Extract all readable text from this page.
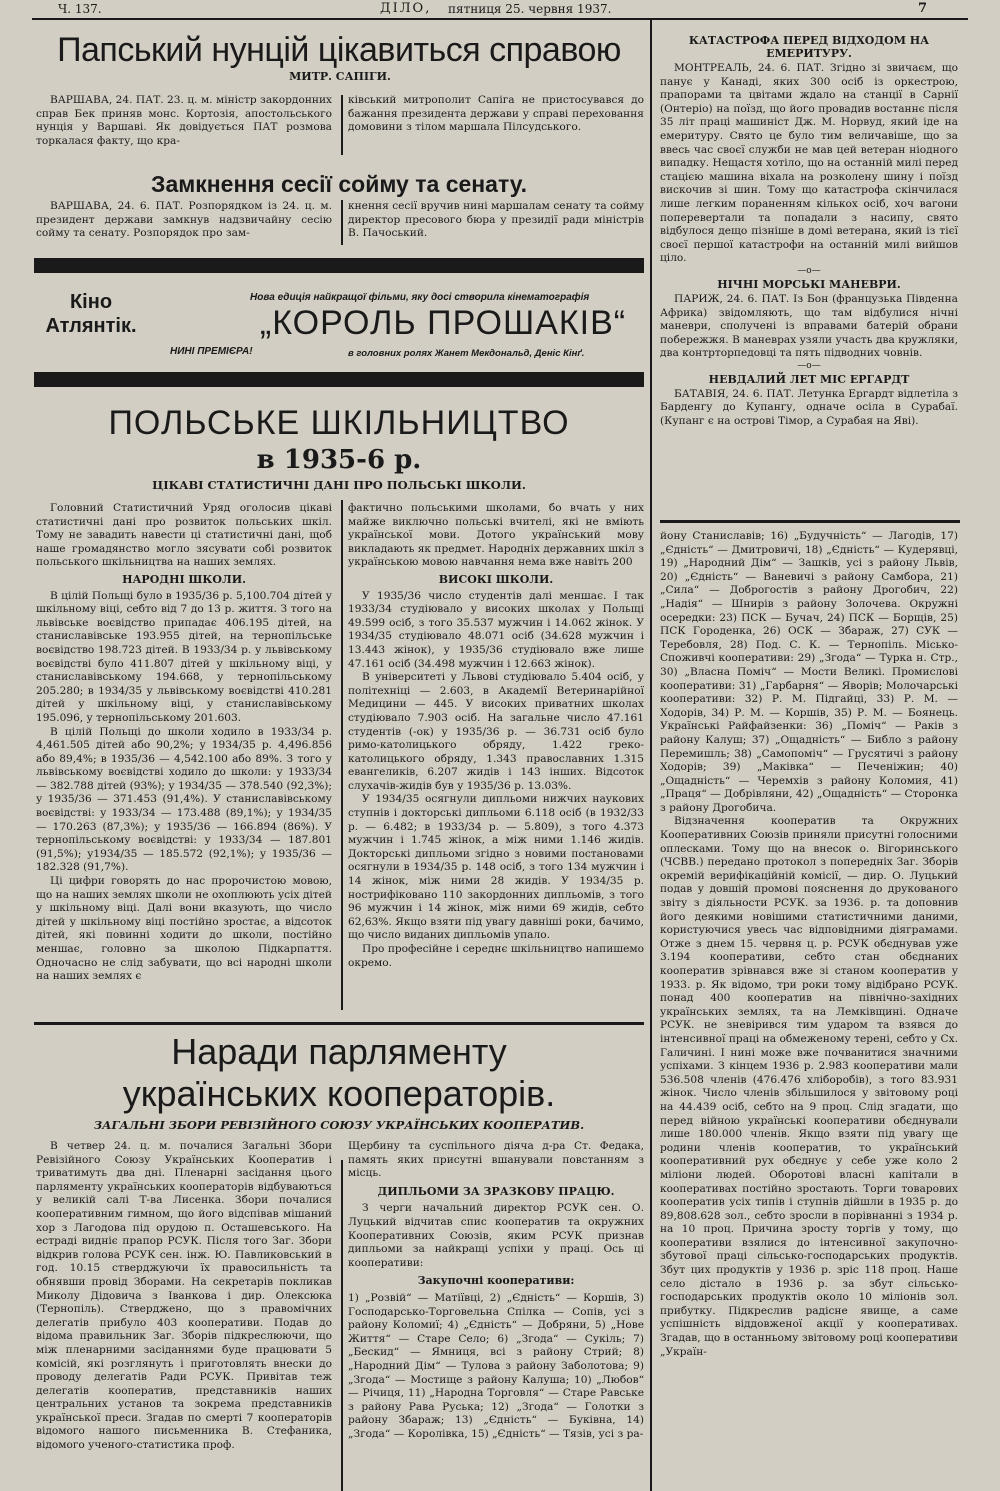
Ч. 137.	ДІЛО, пятниця 25. червня 1937.	7
Папський нунцій цікавиться справою
МИТР. САПІГИ.

ВАРШАВА, 24. ПАТ. 23. ц. м. міністр закордонних справ Бек приняв монс. Кортозія, апостольського нунція у Варшаві. Як довідується ПАТ розмова торкалася факту, що кра-

ківський митрополит Сапіга не пристосувався до бажання президента держави у справі переховання домовини з тілом маршала Пілсудського.

Замкнення сесії сойму та сенату.

ВАРШАВА, 24. 6. ПАТ. Розпорядком із 24. ц. м. президент держави замкнув надзвичайну сесію сойму та сенату. Розпорядок про зам-

кнення сесії вручив нині маршалам сенату та сойму директор пресового бюра у президії ради міністрів В. Пачоський.

Кіно
Атлянтік.
Нова едиція найкращої фільми, яку досі створила кінематографія
„КОРОЛЬ ПРОШАКІВ“
НИНІ ПРЕМІЄРА!	в головних ролях Жанет Мекдональд, Деніс Кінґ.
ПОЛЬСЬКЕ ШКІЛЬНИЦТВО
в 1935-6 р.
ЦІКАВІ СТАТИСТИЧНІ ДАНІ ПРО ПОЛЬСЬКІ ШКОЛИ.

Головний Статистичний Уряд оголосив цікаві статистичні дані про розвиток польських шкіл. Тому не завадить навести ці статистичні дані, щоб наше громадянство могло зясувати собі розвиток польського шкільництва на наших землях.

НАРОДНІ ШКОЛИ.

В цілій Польщі було в 1935/36 р. 5,100.704 дітей у шкільному віці, себто від 7 до 13 р. життя. З того на львівське воєвідство припадає 406.195 дітей, на станиславівське 193.955 дітей, на тернопільське воєвідство 198.723 дітей. В 1933/34 р. у львівському воєвідстві було 411.807 дітей у шкільному віці, у станиславівському 194.668, у тернопільському 205.280; в 1934/35 у львівському воєвідстві 410.281 дітей у шкільному віці, у станиславівському 195.096, у тернопільському 201.603.

В цілій Польщі до школи ходило в 1933/34 р. 4,461.505 дітей або 90,2%; у 1934/35 р. 4,496.856 або 89,4%; в 1935/36 — 4,542.100 або 89%. З того у львівському воєвідстві ходило до школи: у 1933/34 — 382.788 дітей (93%); у 1934/35 — 378.540 (92,3%); у 1935/36 — 371.453 (91,4%). У станиславівському воєвідстві: у 1933/34 — 173.488 (89,1%); у 1934/35 — 170.263 (87,3%); у 1935/36 — 166.894 (86%). У тернопільському воєвідстві: у 1933/34 — 187.801 (91,5%); у1934/35 — 185.572 (92,1%); у 1935/36 — 182.328 (91,7%).

Ці цифри говорять до нас пророчистою мовою, що на наших землях школи не охоплюють усіх дітей у шкільному віці. Далі вони вказують, що число дітей у шкільному віці постійно зростає, а відсоток дітей, які повинні ходити до школи, постійно меншає, головно за школою Підкарпаття. Одночасно не слід забувати, що всі народні школи на наших землях є

фактично польськими школами, бо вчать у них майже виключно польські вчителі, які не вміють української мови. Дотого український мову викладають як предмет. Народніх державних шкіл з українською мовою навчання нема вже навіть 200

ВИСОКІ ШКОЛИ.

У 1935/36 число студентів далі меншає. І так 1933/34 студіювало у високих школах у Польщі 49.599 осіб, з того 35.537 мужчин і 14.062 жінок. У 1934/35 студіювало 48.071 осіб (34.628 мужчин і 13.443 жінок), у 1935/36 студіювало вже лише 47.161 осіб (34.498 мужчин і 12.663 жінок).

В університеті у Львові студіювало 5.404 осіб, у політехніці — 2.603, в Академії Ветеринарійної Медицини — 445. У високих приватних школах студіювало 7.903 осіб. На загальне число 47.161 студентів (-ок) у 1935/36 р. — 36.731 осіб було римо-католицького обряду, 1.422 греко-католицького обряду, 1.343 православних 1.315 евангеликів, 6.207 жидів і 143 інших. Відсоток слухачів-жидів був у 1935/36 р. 13.03%.

У 1934/35 осягнули дипльоми нижчих наукових ступнів і докторські дипльоми 6.118 осіб (в 1932/33 р. — 6.482; в 1933/34 р. — 5.809), з того 4.373 мужчин і 1.745 жінок, а між ними 1.146 жидів. Докторські дипльоми згідно з новими постановами осягнули в 1934/35 р. 148 осіб, з того 134 мужчин і 14 жінок, між ними 28 жидів. У 1934/35 р. нострифіковано 110 закордонних дипльомів, з того 96 мужчин і 14 жінок, між ними 69 жидів, себто 62,63%. Якщо взяти під увагу давніші роки, бачимо, що число виданих дипльомів упало.

Про професійне і середнє шкільництво напишемо окремо.

Наради парляменту
українських кооператорів.
ЗАГАЛЬНІ ЗБОРИ РЕВІЗІЙНОГО СОЮЗУ УКРАЇНСЬКИХ КООПЕРАТИВ.

В четвер 24. ц. м. почалися Загальні Збори Ревізійного Союзу Українських Кооператив і триватимуть два дні. Пленарні засідання цього парляменту українських кооператорів відбуваються у великій салі Т-ва Лисенка. Збори почалися кооперативним гимном, що його відспівав мішаний хор з Лагодова під орудою п. Осташевського. На естраді видніє прапор РСУК. Після того Заг. Збори відкрив голова РСУК сен. інж. Ю. Павликовський в год. 10.15 стверджуючи їх правосильність та обнявши провід Зборами. На секретарів покликав Миколу Дідовича з Іванкова і дир. Олексюка (Тернопіль). Стверджено, що з правомічних делегатів прибуло 403 кооперативи. Подав до відома правильник Заг. Зборів підкреслюючи, що між пленарними засіданнями буде працювати 5 комісій, які розглянуть і приготовлять внески до проводу делегатів Ради РСУК. Привітав теж делегатів кооператив, представників наших центральних установ та зокрема представників української преси. Згадав по смерті 7 кооператорів відомого нашого письменника В. Стефаника, відомого ученого-статистика проф.

Щербину та суспільного діяча д-ра Ст. Федака, память яких присутні вшанували повстанням з місць.

ДИПЛЬОМИ ЗА ЗРАЗКОВУ ПРАЦЮ.

З черги начальний директор РСУК сен. О. Луцький відчитав спис кооператив та окружних Кооперативних Союзів, яким РСУК признав дипльоми за найкращі успіхи у праці. Ось ці кооперативи:

Закупочні кооперативи:

1) „Розвій“ — Матіївці, 2) „Єдність“ — Коршів, 3) Господарсько-Торговельна Спілка — Сопів, усі з району Коломиї; 4) „Єдність“ — Добряни, 5) „Нове Життя“ — Старе Село; 6) „Згода“ — Сукіль; 7) „Бескид“ — Ямниця, всі з району Стрий; 8) „Народний Дім“ — Тулова з району Заболотова; 9) „Згода“ — Мостище з району Калуша; 10) „Любов“ — Річиця, 11) „Народна Торговля“ — Старе Равське з району Рава Руська; 12) „Згода“ — Голотки з району Збараж; 13) „Єдність“ — Буківна, 14) „Згода“ — Королівка, 15) „Єдність“ — Тязів, усі з ра-

КАТАСТРОФА ПЕРЕД ВІДХОДОМ НА ЕМЕРИТУРУ.

МОНТРЕАЛЬ, 24. 6. ПАТ. Згідно зі звичаєм, що панує у Канаді, яких 300 осіб із оркестрою, прапорами та цвітами ждало на станції в Сарнії (Онтеріо) на поїзд, що його провадив востаннє після 35 літ праці машиніст Дж. М. Норвуд, який іде на емеритуру. Свято це було тим величавіше, що за ввесь час своєї служби не мав цей ветеран ніодного випадку. Нещастя хотіло, що на останній милі перед стацією машина віхала на розколену шину і поїзд вискочив зі шин. Тому що катастрофа скінчилася лише легким пораненням кількох осіб, хоч вагони поперевертали та попадали з насипу, свято відбулося дещо пізніше в домі ветерана, який із тієї своєї першої катастрофи на останній милі вийшов цілo.

—о—
НІЧНІ МОРСЬКІ МАНЕВРИ.

ПАРИЖ, 24. 6. ПАТ. Із Бон (французька Південна Африка) звідомляють, що там відбулися нічні маневри, сполучені із вправами батерій обрани побережжя. В маневрах узяли участь два кружляки, два контрторпедовці та пять підводних човнів.

—о—
НЕВДАЛИЙ ЛЕТ МІС ЕРГАРДТ

БАТАВІЯ, 24. 6. ПАТ. Летунка Ергардт відлетіла з Барденгу до Купангу, одначе осіла в Сурабаї. (Купанг є на острові Тімор, а Сурабая на Яві).

йону Станиславів; 16) „Будучність“ — Лагодів, 17) „Єдність“ — Дмитровичі, 18) „Єдність“ — Кудерявці, 19) „Народний Дім“ — Зашків, усі з району Львів, 20) „Єдність“ — Ваневичі з району Самбора, 21) „Сила“ — Доброгостів з району Дрогобич, 22) „Надія“ — Шнирів з району Золочева. Окружні осередки: 23) ПСК — Бучач, 24) ПСК — Борщів, 25) ПСК Городенка, 26) ОСК — Збараж, 27) СУК — Теребовля, 28) Под. С. К. — Тернопіль. Місько-Споживчі кооперативи: 29) „Згода“ — Турка н. Стр., 30) „Власна Поміч“ — Мости Великі. Промислові кооперативи: 31) „Гарбарня“ — Яворів; Молочарські кооперативи: 32) Р. М. Підгайці, 33) Р. М. — Ходорів, 34) Р. М. — Коршів, 35) Р. М. — Боянець. Українські Райфайзенки: 36) „Поміч“ — Раків з району Калуш; 37) „Ощадність“ — Библо з району Перемишль; 38) „Самопоміч“ — Грусятичі з району Ходорів; 39) „Маківка“ — Печеніжин; 40) „Ощадність“ — Черемхів з району Коломия, 41) „Праця“ — Добрівляни, 42) „Ощадність“ — Сторонка з району Дрогобича.

Відзначення кооператив та Окружних Кооперативних Союзів приняли присутні голосними оплесками. Тому що на внесок о. Вігоринського (ЧСВВ.) передано протокол з попередніх Заг. Зборів окремій верифікаційній комісії, — дир. О. Луцький подав у довшій промові пояснення до друкованого звіту з діяльности РСУК. за 1936. р. та доповнив його деякими новішими статистичними даними, користуючися увесь час відповідними діяграмами. Отже з днем 15. червня ц. р. РСУК обєднував уже 3.194 кооперативи, себто стан обєднаних кооператив зрівнався вже зі станом кооператив у 1933. р. Як відомо, три роки тому відібрано РСУК. понад 400 кооператив на північно-західних українських землях, та на Лемківщині. Одначе РСУК. не зневірився тим ударом та взявся до інтенсивної праці на обмеженому терені, себто у Сх. Галичині. І нині може вже почванитися значними успіхами. З кінцем 1936 р. 2.983 кооперативи мали 536.508 членів (476.476 хліборобів), з того 83.931 жінок. Число членів збільшилося у звітовому році на 44.439 осіб, себто на 9 проц. Слід згадати, що перед війною українські кооперативи обєднували лише 180.000 членів. Якщо взяти під увагу ще родини членів кооператив, то український кооперативний рух обєднує у себе уже коло 2 мілioни людей. Оборотові власні капітали в кооперативах постійно зростають. Торги товарових кооператив усіх типів і ступнів дійшли в 1935 р. до 89,808.628 зол., себто зросли в порівнанні з 1934 р. на 10 проц. Причина зросту торгів у тому, що кооперативи взялися до інтенсивної закупочно-збутової праці сільсько-господарських продуктів. Збут цих продуктів у 1936 р. зріс 118 проц. Наше село дістало в 1936 р. за збут сільсько-господарських продуктів около 10 мілiонів зол. прибутку. Підкреслив радісне явище, а саме успішність віддовженої акції у кооперативах. Згадав, що в останньому звітовому році кооперативи „Україн-
